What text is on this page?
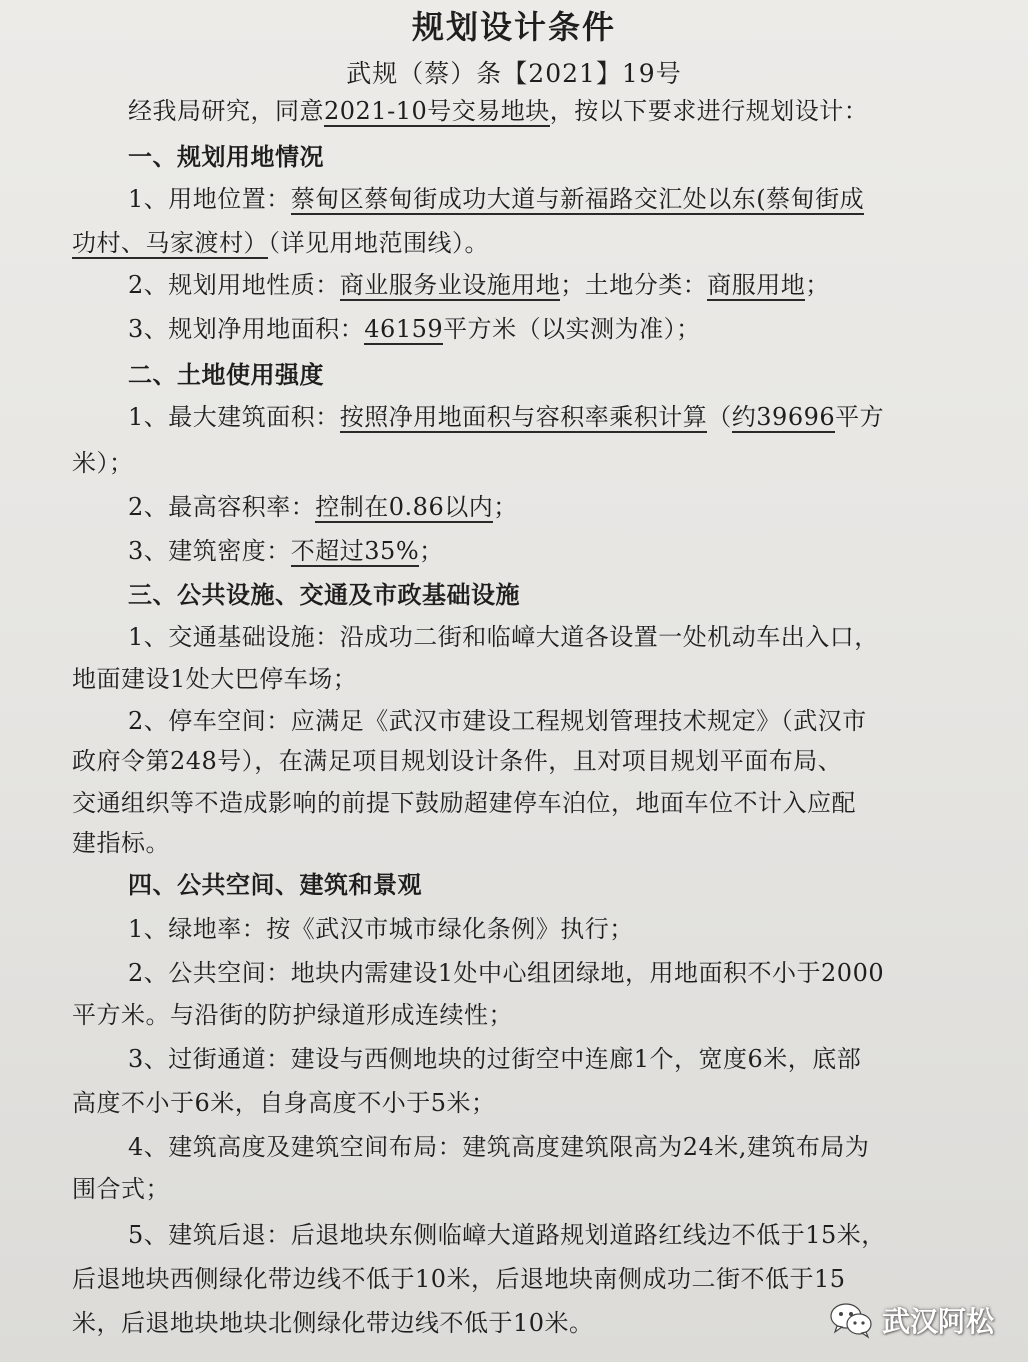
规划设计条件
武规（蔡）条【2021】19号
经我局研究，同意2021-10号交易地块，按以下要求进行规划设计：
一、规划用地情况
1、用地位置：蔡甸区蔡甸街成功大道与新福路交汇处以东(蔡甸街成
功村、马家渡村）（详见用地范围线）。
2、规划用地性质：商业服务业设施用地；土地分类：商服用地；
3、规划净用地面积：46159平方米（以实测为准）；
二、土地使用强度
1、最大建筑面积：按照净用地面积与容积率乘积计算（约39696平方
米）；
2、最高容积率：控制在0.86以内；
3、建筑密度：不超过35%；
三、公共设施、交通及市政基础设施
1、交通基础设施：沿成功二街和临嶂大道各设置一处机动车出入口，
地面建设1处大巴停车场；
2、停车空间：应满足《武汉市建设工程规划管理技术规定》（武汉市
政府令第248号），在满足项目规划设计条件，且对项目规划平面布局、
交通组织等不造成影响的前提下鼓励超建停车泊位，地面车位不计入应配
建指标。
四、公共空间、建筑和景观
1、绿地率：按《武汉市城市绿化条例》执行；
2、公共空间：地块内需建设1处中心组团绿地，用地面积不小于2000
平方米。与沿街的防护绿道形成连续性；
3、过街通道：建设与西侧地块的过街空中连廊1个，宽度6米，底部
高度不小于6米，自身高度不小于5米；
4、建筑高度及建筑空间布局：建筑高度建筑限高为24米,建筑布局为
围合式；
5、建筑后退：后退地块东侧临嶂大道路规划道路红线边不低于15米，
后退地块西侧绿化带边线不低于10米，后退地块南侧成功二街不低于15
米，后退地块地块北侧绿化带边线不低于10米。	武汉阿松
